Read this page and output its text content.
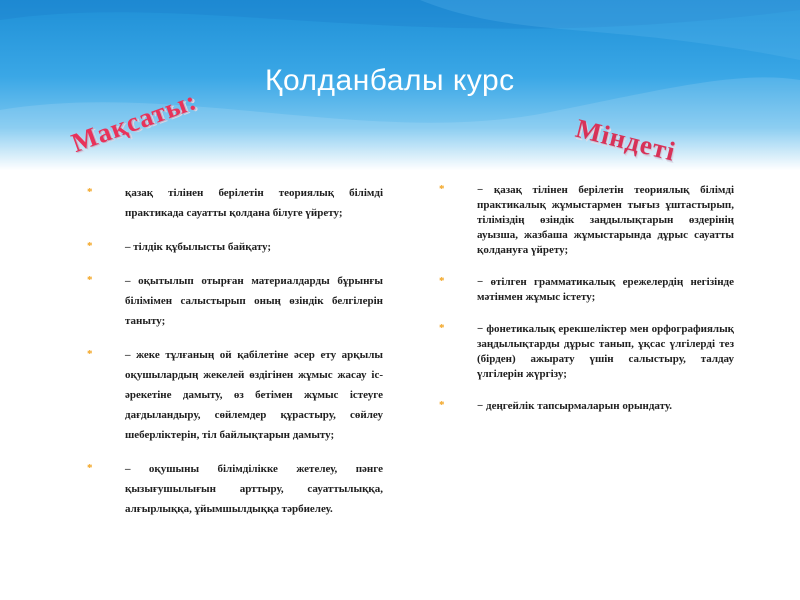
Қолданбалы курс
Мақсаты:	Міндеті
*	қазақ тілінен берілетін теориялық білімді практикада сауатты қолдана білуге үйрету;
*	– тілдік құбылысты байқату;
*	– оқытылып отырған материалдарды бұрынғы білімімен салыстырып оның өзіндік белгілерін таныту;
*	– жеке тұлғаның ой қабілетіне әсер ету арқылы оқушылардың жекелей өздігінен жұмыс жасау іс-әрекетіне дамыту, өз бетімен жұмыс істеуге дағдыландыру, сөйлемдер құрастыру, сөйлеу шеберліктерін, тіл байлықтарын дамыту;
*	– оқушыны білімділікке жетелеу, пәнге қызығушылығын арттыру, сауаттылыққа, алғырлыққа, ұйымшылдыққа тәрбиелеу.
*	− қазақ тілінен берілетін теориялық білімді практикалық жұмыстармен тығыз ұштастырып, тіліміздің өзіндік заңдылықтарын өздерінің ауызша, жазбаша жұмыстарында дұрыс сауатты қолдануға үйрету;
*	− өтілген грамматикалық ережелердің негізінде мәтінмен жұмыс істету;
*	− фонетикалық ерекшеліктер мен орфографиялық заңдылықтарды дұрыс танып, ұқсас үлгілерді тез (бірден) ажырату үшін салыстыру, талдау үлгілерін жүргізу;
*	− деңгейлік тапсырмаларын орындату.
